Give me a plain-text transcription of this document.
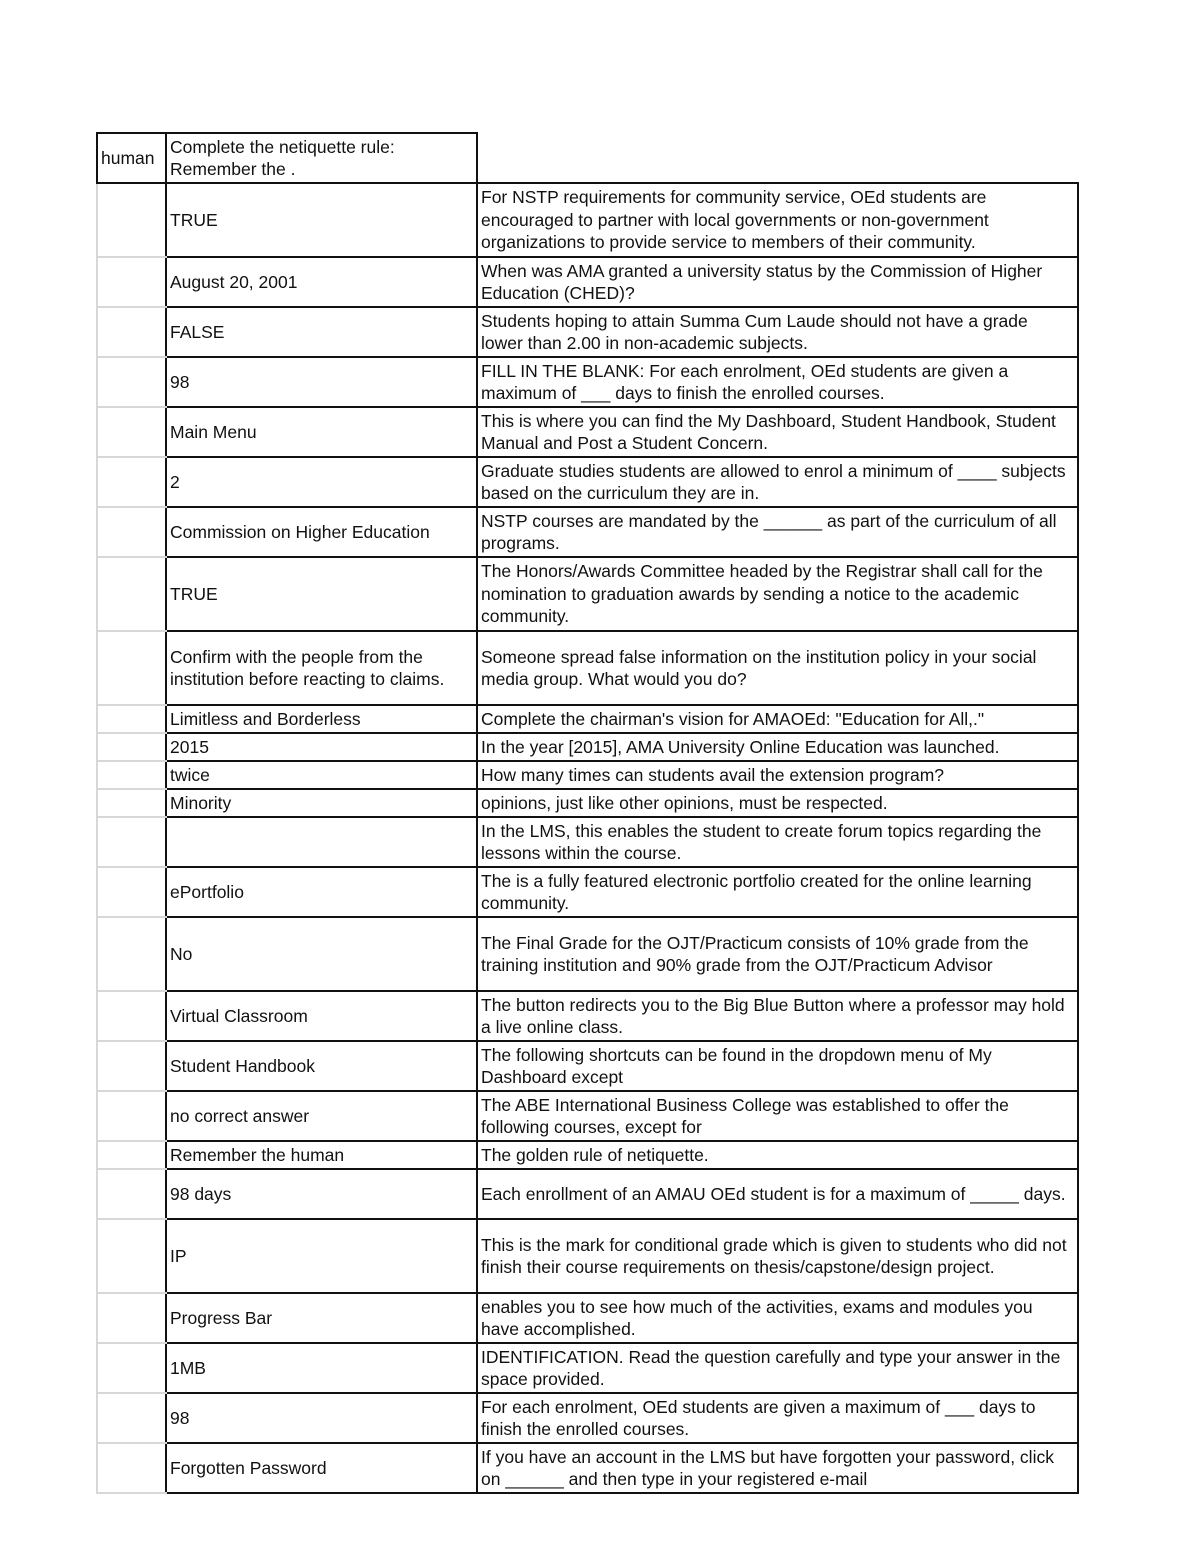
human	Complete the netiquette rule: Remember the .	
	TRUE	For NSTP requirements for community service, OEd students are encouraged to partner with local governments or non-government organizations to provide service to members of their community.
	August 20, 2001	When was AMA granted a university status by the Commission of Higher Education (CHED)?
	FALSE	Students hoping to attain Summa Cum Laude should not have a grade lower than 2.00 in non-academic subjects.
	98	FILL IN THE BLANK: For each enrolment, OEd students are given a maximum of ___ days to finish the enrolled courses.
	Main Menu	This is where you can find the My Dashboard, Student Handbook, Student Manual and Post a Student Concern.
	2	Graduate studies students are allowed to enrol a minimum of ____ subjects based on the curriculum they are in.
	Commission on Higher Education	NSTP courses are mandated by the ______ as part of the curriculum of all programs.
	TRUE	The Honors/Awards Committee headed by the Registrar shall call for the nomination to graduation awards by sending a notice to the academic community.
	Confirm with the people from the institution before reacting to claims.	Someone spread false information on the institution policy in your social media group. What would you do?
	Limitless and Borderless	Complete the chairman's vision for AMAOEd: "Education for All,."
	2015	In the year [2015], AMA University Online Education was launched.
	twice	How many times can students avail the extension program?
	Minority	opinions, just like other opinions, must be respected.
		In the LMS, this enables the student to create forum topics regarding the lessons within the course.
	ePortfolio	The is a fully featured electronic portfolio created for the online learning community.
	No	The Final Grade for the OJT/Practicum consists of 10% grade from the training institution and 90% grade from the OJT/Practicum Advisor
	Virtual Classroom	The button redirects you to the Big Blue Button where a professor may hold a live online class.
	Student Handbook	The following shortcuts can be found in the dropdown menu of My Dashboard except
	no correct answer	The ABE International Business College was established to offer the following courses, except for
	Remember the human	The golden rule of netiquette.
	98 days	Each enrollment of an AMAU OEd student is for a maximum of _____ days.
	IP	This is the mark for conditional grade which is given to students who did not finish their course requirements on thesis/capstone/design project.
	Progress Bar	enables you to see how much of the activities, exams and modules you have accomplished.
	1MB	IDENTIFICATION. Read the question carefully and type your answer in the space provided.
	98	For each enrolment, OEd students are given a maximum of ___ days to finish the enrolled courses.
	Forgotten Password	If you have an account in the LMS but have forgotten your password, click on ______ and then type in your registered e-mail
